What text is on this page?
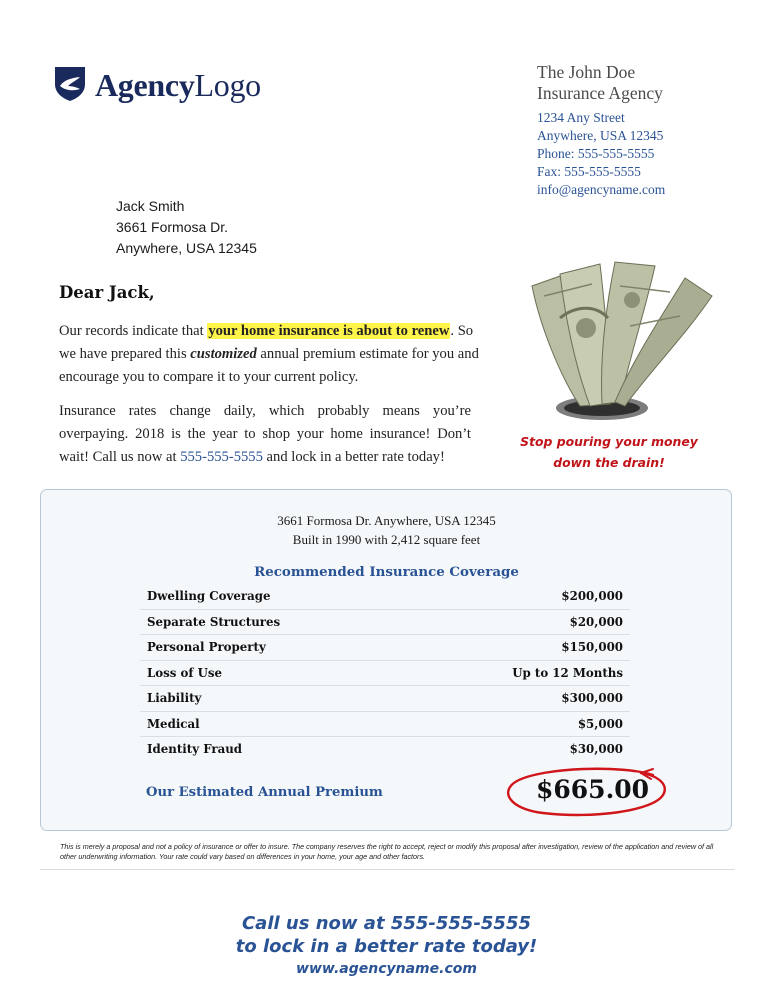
AgencyLogo	The John Doe
Insurance Agency
1234 Any Street
Anywhere, USA 12345
Phone: 555-555-5555
Fax: 555-555-5555
info@agencyname.com
Jack Smith
3661 Formosa Dr.
Anywhere, USA 12345
Dear Jack,
Our records indicate that your home insurance is about to renew. So we have prepared this customized annual premium estimate for you and encourage you to compare it to your current policy.
Insurance rates change daily, which probably means you’re overpaying. 2018 is the year to shop your home insurance! Don’t wait! Call us now at 555-555-5555 and lock in a better rate today!
Stop pouring your money
down the drain!
3661 Formosa Dr. Anywhere, USA 12345
Built in 1990 with 2,412 square feet
Recommended Insurance Coverage
Dwelling Coverage	$200,000
Separate Structures	$20,000
Personal Property	$150,000
Loss of Use	Up to 12 Months
Liability	$300,000
Medical	$5,000
Identity Fraud	$30,000
Our Estimated Annual Premium	$665.00
This is merely a proposal and not a policy of insurance or offer to insure. The company reserves the right to accept, reject or modify this proposal after investigation, review of the application and review of all other underwriting information. Your rate could vary based on differences in your home, your age and other factors.
Call us now at 555-555-5555
to lock in a better rate today!
www.agencyname.com
